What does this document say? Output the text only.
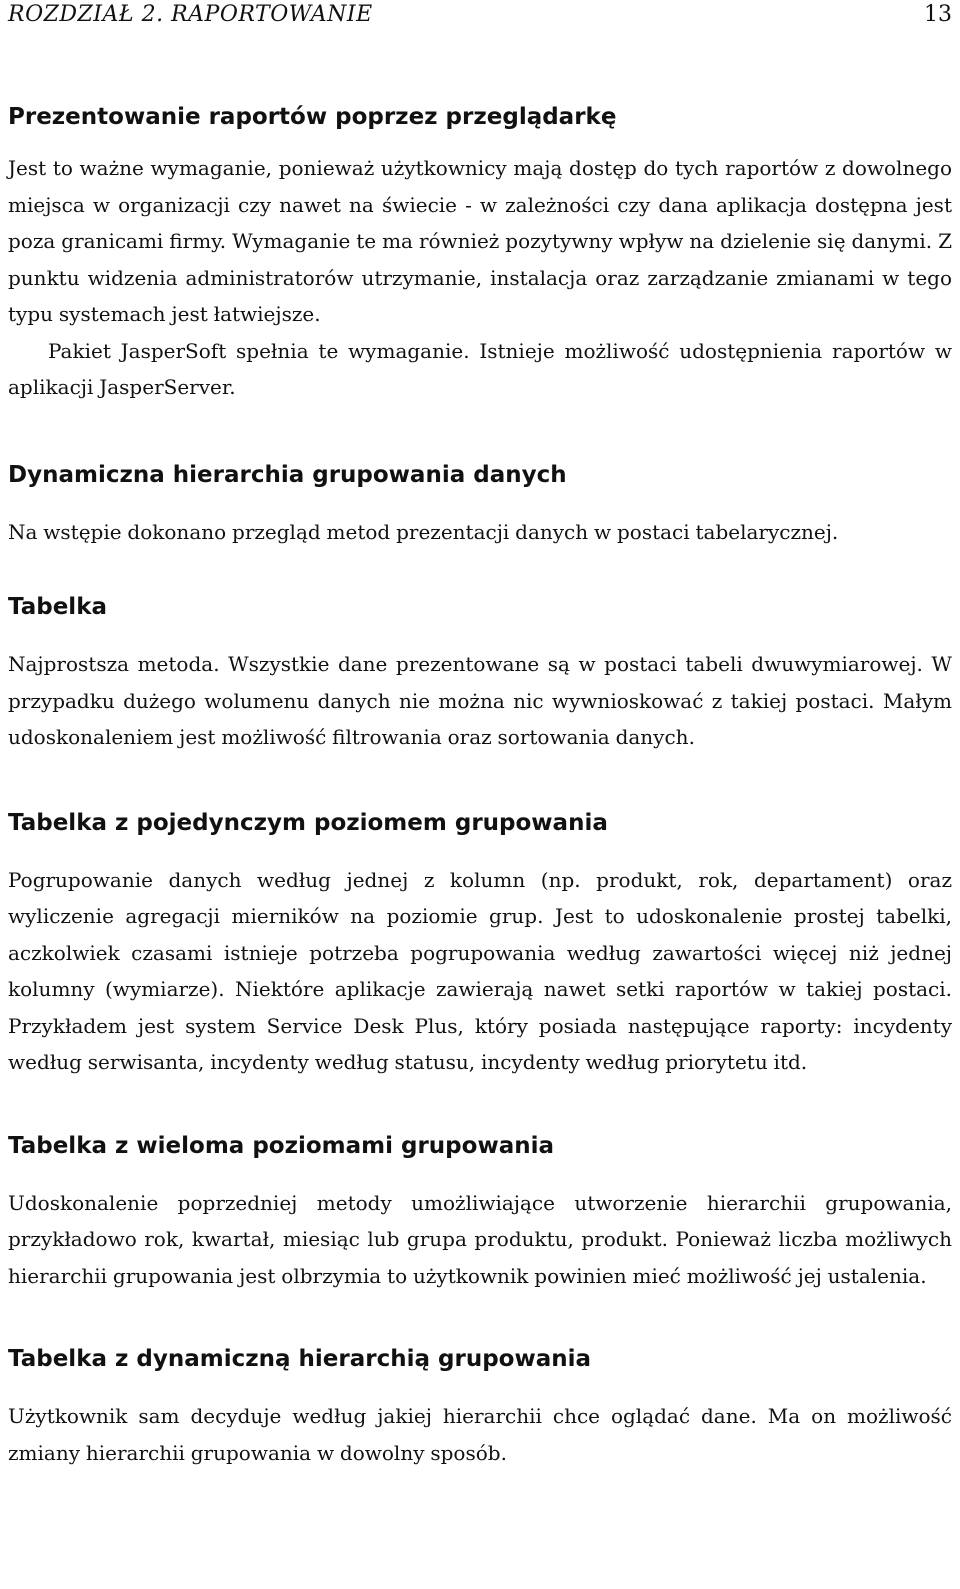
ROZDZIAŁ 2. RAPORTOWANIE	13
Prezentowanie raportów poprzez przeglądarkę

Jest to ważne wymaganie, ponieważ użytkownicy mają dostęp do tych raportów z dowolnego miejsca w organizacji czy nawet na świecie - w zależności czy dana aplikacja dostępna jest poza granicami firmy. Wymaganie te ma również pozytywny wpływ na dzielenie się danymi. Z punktu widzenia administratorów utrzymanie, instalacja oraz zarządzanie zmianami w tego typu systemach jest łatwiejsze.

Pakiet JasperSoft spełnia te wymaganie. Istnieje możliwość udostępnienia raportów w aplikacji JasperServer.

Dynamiczna hierarchia grupowania danych

Na wstępie dokonano przegląd metod prezentacji danych w postaci tabelarycznej.

Tabelka

Najprostsza metoda. Wszystkie dane prezentowane są w postaci tabeli dwuwymiarowej. W przypadku dużego wolumenu danych nie można nic wywnioskować z takiej postaci. Małym udoskonaleniem jest możliwość filtrowania oraz sortowania danych.

Tabelka z pojedynczym poziomem grupowania

Pogrupowanie danych według jednej z kolumn (np. produkt, rok, departament) oraz wyliczenie agregacji mierników na poziomie grup. Jest to udoskonalenie prostej tabelki, aczkolwiek czasami istnieje potrzeba pogrupowania według zawartości więcej niż jednej kolumny (wymiarze). Niektóre aplikacje zawierają nawet setki raportów w takiej postaci. Przykładem jest system Service Desk Plus, który posiada następujące raporty: incydenty według serwisanta, incydenty według statusu, incydenty według priorytetu itd.

Tabelka z wieloma poziomami grupowania

Udoskonalenie poprzedniej metody umożliwiające utworzenie hierarchii grupowania, przykładowo rok, kwartał, miesiąc lub grupa produktu, produkt. Ponieważ liczba możliwych hierarchii grupowania jest olbrzymia to użytkownik powinien mieć możliwość jej ustalenia.

Tabelka z dynamiczną hierarchią grupowania

Użytkownik sam decyduje według jakiej hierarchii chce oglądać dane. Ma on możliwość zmiany hierarchii grupowania w dowolny sposób.
